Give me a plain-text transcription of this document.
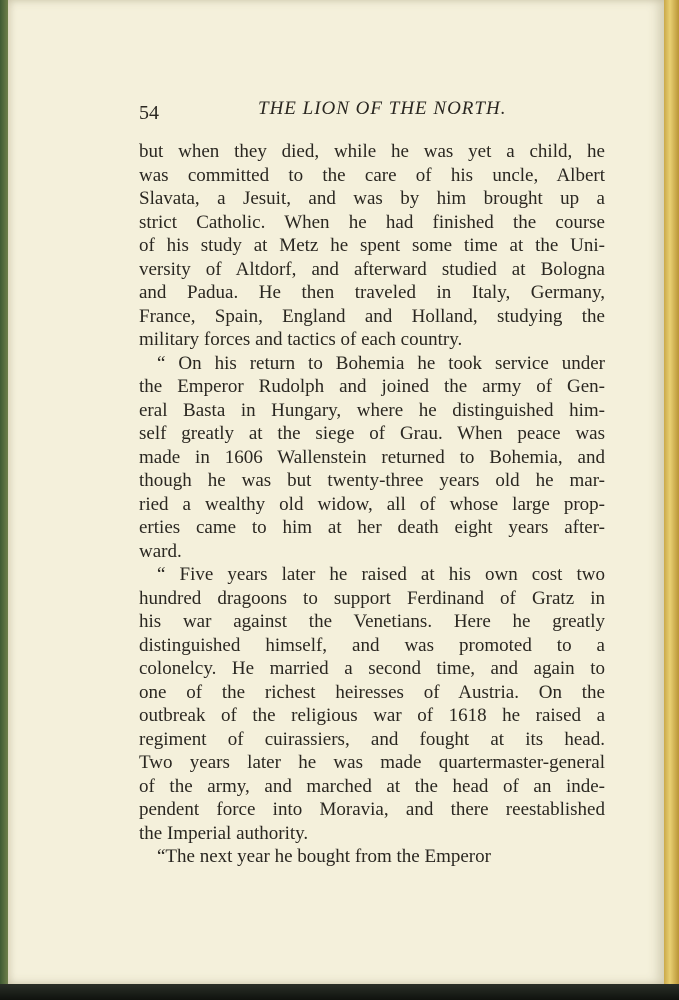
54	THE LION OF THE NORTH.
but when they died, while he was yet a child, he
was committed to the care of his uncle, Albert
Slavata, a Jesuit, and was by him brought up a
strict Catholic. When he had finished the course
of his study at Metz he spent some time at the Uni-
versity of Altdorf, and afterward studied at Bologna
and Padua. He then traveled in Italy, Germany,
France, Spain, England and Holland, studying the
military forces and tactics of each country.
“ On his return to Bohemia he took service under
the Emperor Rudolph and joined the army of Gen-
eral Basta in Hungary, where he distinguished him-
self greatly at the siege of Grau. When peace was
made in 1606 Wallenstein returned to Bohemia, and
though he was but twenty-three years old he mar-
ried a wealthy old widow, all of whose large prop-
erties came to him at her death eight years after-
ward.
“ Five years later he raised at his own cost two
hundred dragoons to support Ferdinand of Gratz in
his war against the Venetians. Here he greatly
distinguished himself, and was promoted to a
colonelcy. He married a second time, and again to
one of the richest heiresses of Austria. On the
outbreak of the religious war of 1618 he raised a
regiment of cuirassiers, and fought at its head.
Two years later he was made quartermaster-general
of the army, and marched at the head of an inde-
pendent force into Moravia, and there reestablished
the Imperial authority.
“The next year he bought from the Emperor
